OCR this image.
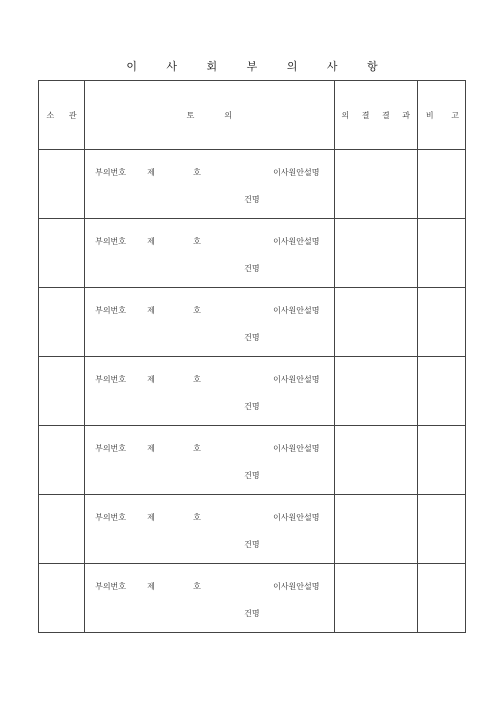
이 사 회 부 의 사 항
소 관	토 의	의 결 결 과	비 고

	부의번호 제 호 이사원안설명
건명		

	부의번호 제 호 이사원안설명
건명		

	부의번호 제 호 이사원안설명
건명		

	부의번호 제 호 이사원안설명
건명		

	부의번호 제 호 이사원안설명
건명		

	부의번호 제 호 이사원안설명
건명		

	부의번호 제 호 이사원안설명
건명		
